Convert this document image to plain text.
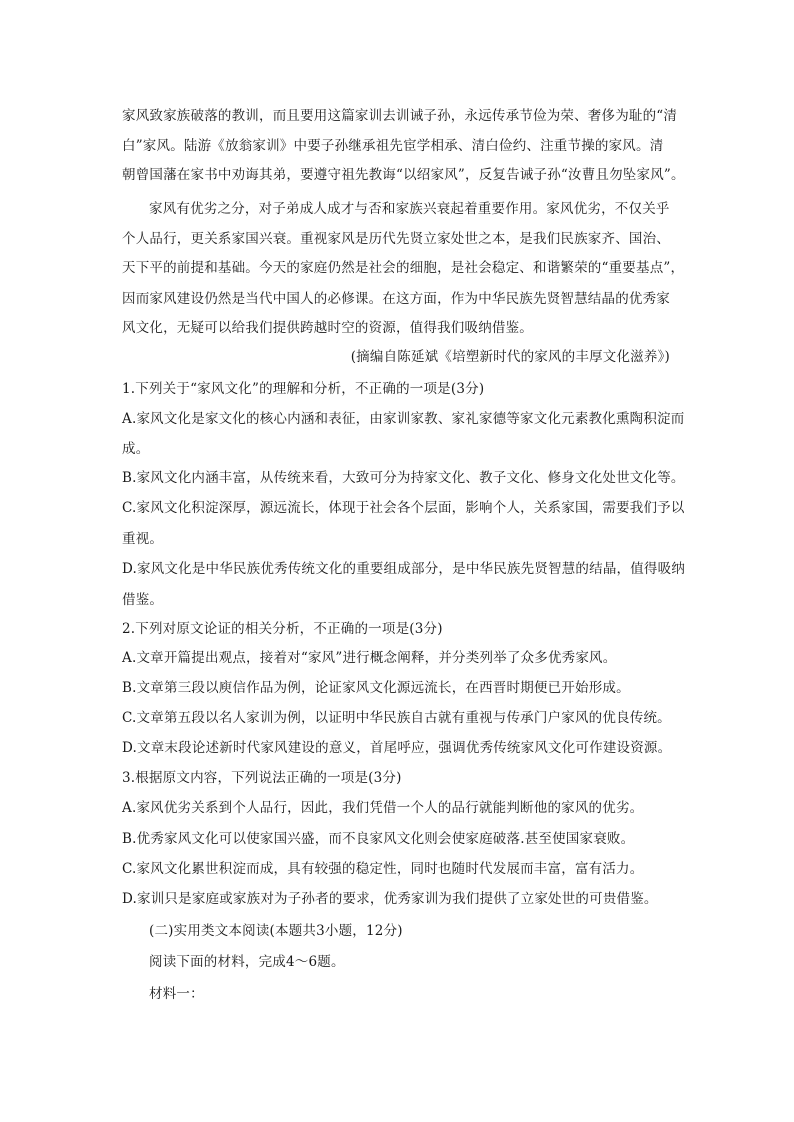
家风致家族破落的教训，而且要用这篇家训去训诫子孙，永远传承节俭为荣、奢侈为耻的“清
白”家风。陆游《放翁家训》中要子孙继承祖先宦学相承、清白俭约、注重节操的家风。清
朝曾国藩在家书中劝诲其弟，要遵守祖先教诲“以绍家风”，反复告诫子孙“汝曹且勿坠家风”。
家风有优劣之分，对子弟成人成才与否和家族兴衰起着重要作用。家风优劣，不仅关乎
个人品行，更关系家国兴衰。重视家风是历代先贤立家处世之本，是我们民族家齐、国治、
天下平的前提和基础。今天的家庭仍然是社会的细胞，是社会稳定、和谐繁荣的“重要基点”，
因而家风建设仍然是当代中国人的必修课。在这方面，作为中华民族先贤智慧结晶的优秀家
风文化，无疑可以给我们提供跨越时空的资源，值得我们吸纳借鉴。
(摘编自陈延斌《培塑新时代的家风的丰厚文化滋养》)
1.下列关于“家风文化”的理解和分析，不正确的一项是(3分)
A.家风文化是家文化的核心内涵和表征，由家训家教、家礼家德等家文化元素教化熏陶积淀而
成。
B.家风文化内涵丰富，从传统来看，大致可分为持家文化、教子文化、修身文化处世文化等。
C.家风文化积淀深厚，源远流长，体现于社会各个层面，影响个人，关系家国，需要我们予以
重视。
D.家风文化是中华民族优秀传统文化的重要组成部分，是中华民族先贤智慧的结晶，值得吸纳
借鉴。
2.下列对原文论证的相关分析，不正确的一项是(3分)
A.文章开篇提出观点，接着对“家风”进行概念阐释，并分类列举了众多优秀家风。
B.文章第三段以庾信作品为例，论证家风文化源远流长，在西晋时期便已开始形成。
C.文章第五段以名人家训为例，以证明中华民族自古就有重视与传承门户家风的优良传统。
D.文章末段论述新时代家风建设的意义，首尾呼应，强调优秀传统家风文化可作建设资源。
3.根据原文内容，下列说法正确的一项是(3分)
A.家风优劣关系到个人品行，因此，我们凭借一个人的品行就能判断他的家风的优劣。
B.优秀家风文化可以使家国兴盛，而不良家风文化则会使家庭破落.甚至使国家衰败。
C.家风文化累世积淀而成，具有较强的稳定性，同时也随时代发展而丰富，富有活力。
D.家训只是家庭或家族对为子孙者的要求，优秀家训为我们提供了立家处世的可贵借鉴。
(二)实用类文本阅读(本题共3小题，12分)
阅读下面的材料，完成4～6题。
材料一：
